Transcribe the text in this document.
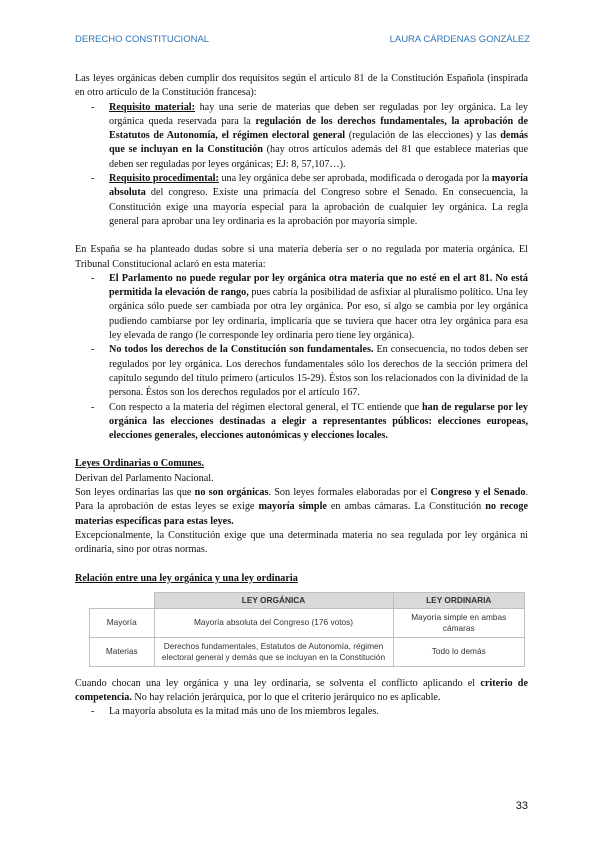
DERECHO CONSTITUCIONAL	LAURA CÁRDENAS GONZÁLEZ

Las leyes orgánicas deben cumplir dos requisitos según el artículo 81 de la Constitución Española (inspirada en otro artículo de la Constitución francesa):

- Requisito material: hay una serie de materias que deben ser reguladas por ley orgánica. La ley orgánica queda reservada para la regulación de los derechos fundamentales, la aprobación de Estatutos de Autonomía, el régimen electoral general (regulación de las elecciones) y las demás que se incluyan en la Constitución (hay otros artículos además del 81 que establece materias que deben ser reguladas por leyes orgánicas; EJ: 8, 57,107…).
- Requisito procedimental: una ley orgánica debe ser aprobada, modificada o derogada por la mayoría absoluta del congreso. Existe una primacía del Congreso sobre el Senado. En consecuencia, la Constitución exige una mayoría especial para la aprobación de cualquier ley orgánica. La regla general para aprobar una ley ordinaria es la aprobación por mayoría simple.

En España se ha planteado dudas sobre si una materia debería ser o no regulada por materia orgánica. El Tribunal Constitucional aclaró en esta materia:

- El Parlamento no puede regular por ley orgánica otra materia que no esté en el art 81. No está permitida la elevación de rango, pues cabría la posibilidad de asfixiar al pluralismo político. Una ley orgánica sólo puede ser cambiada por otra ley orgánica. Por eso, si algo se cambia por ley orgánica pudiendo cambiarse por ley ordinaria, implicaría que se tuviera que hacer otra ley orgánica para esa ley elevada de rango (le corresponde ley ordinaria pero tiene ley orgánica).
- No todos los derechos de la Constitución son fundamentales. En consecuencia, no todos deben ser regulados por ley orgánica. Los derechos fundamentales sólo los derechos de la sección primera del capítulo segundo del título primero (artículos 15-29). Éstos son los relacionados con la divinidad de la persona. Éstos son los derechos regulados por el artículo 167.
- Con respecto a la materia del régimen electoral general, el TC entiende que han de regularse por ley orgánica las elecciones destinadas a elegir a representantes públicos: elecciones europeas, elecciones generales, elecciones autonómicas y elecciones locales.

Leyes Ordinarias o Comunes.

Derivan del Parlamento Nacional.

Son leyes ordinarias las que no son orgánicas. Son leyes formales elaboradas por el Congreso y el Senado. Para la aprobación de estas leyes se exige mayoría simple en ambas cámaras. La Constitución no recoge materias específicas para estas leyes.

Excepcionalmente, la Constitución exige que una determinada materia no sea regulada por ley orgánica ni ordinaria, sino por otras normas.

Relación entre una ley orgánica y una ley ordinaria

	LEY ORGÁNICA	LEY ORDINARIA
Mayoría	Mayoría absoluta del Congreso (176 votos)	Mayoría simple en ambas cámaras
Materias	Derechos fundamentales, Estatutos de Autonomía, régimen electoral general y demás que se incluyan en la Constitución	Todo lo demás

Cuando chocan una ley orgánica y una ley ordinaria, se solventa el conflicto aplicando el criterio de competencia. No hay relación jerárquica, por lo que el criterio jerárquico no es aplicable.

- La mayoría absoluta es la mitad más uno de los miembros legales.
33
